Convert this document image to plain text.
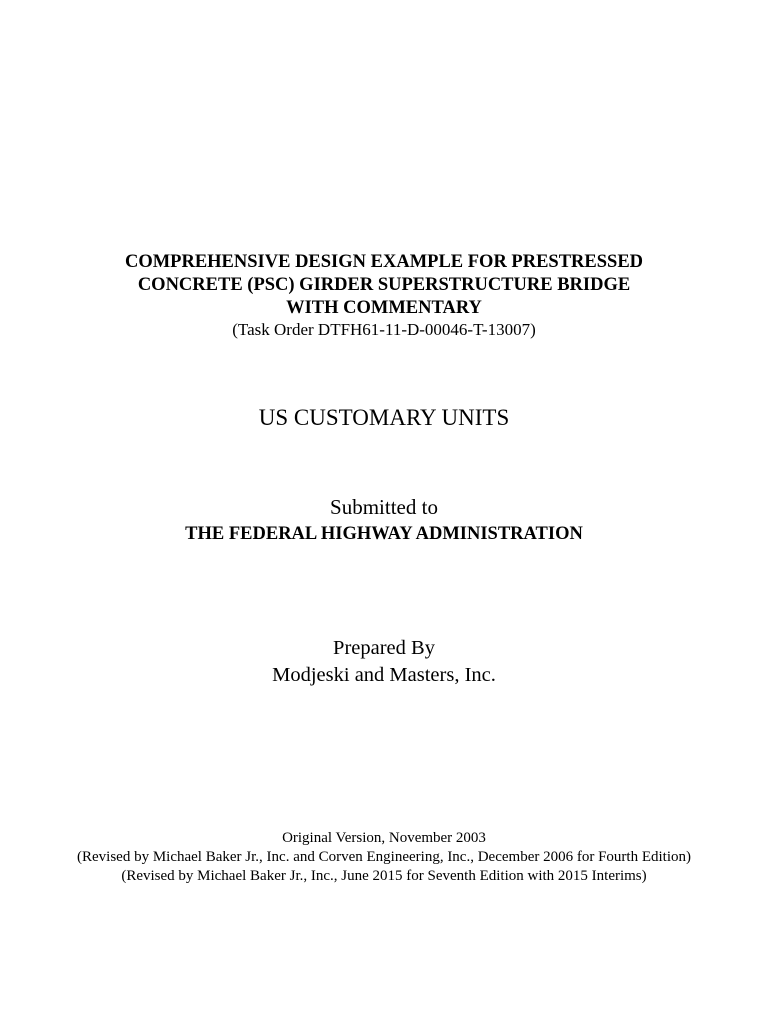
COMPREHENSIVE DESIGN EXAMPLE FOR PRESTRESSED
CONCRETE (PSC) GIRDER SUPERSTRUCTURE BRIDGE
WITH COMMENTARY
(Task Order DTFH61-11-D-00046-T-13007)
US CUSTOMARY UNITS
Submitted to
THE FEDERAL HIGHWAY ADMINISTRATION
Prepared By
Modjeski and Masters, Inc.
Original Version, November 2003
(Revised by Michael Baker Jr., Inc. and Corven Engineering, Inc., December 2006 for Fourth Edition)
(Revised by Michael Baker Jr., Inc., June 2015 for Seventh Edition with 2015 Interims)
